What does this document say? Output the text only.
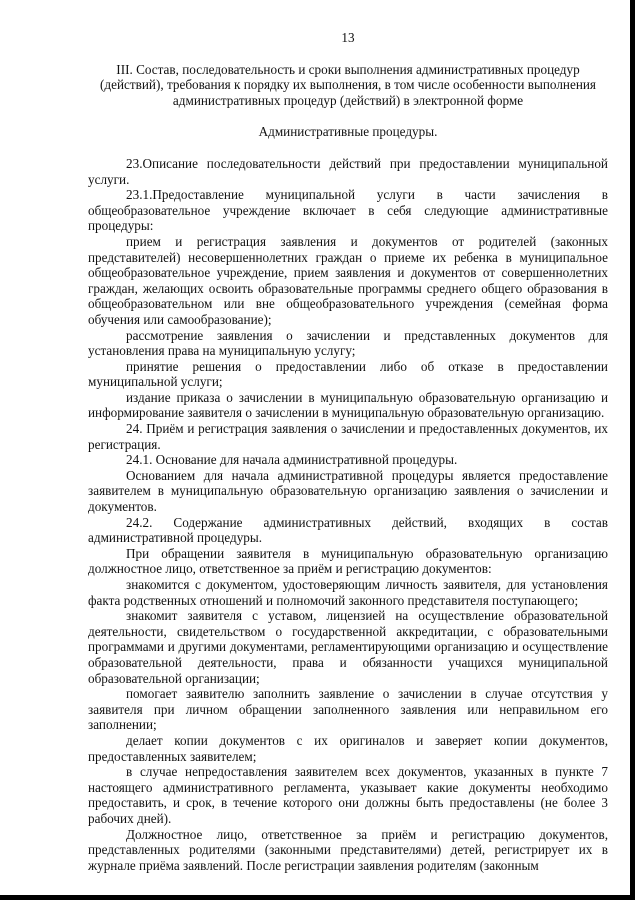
13
III. Состав, последовательность и сроки выполнения административных процедур (действий), требования к порядку их выполнения, в том числе особенности выполнения административных процедур (действий) в электронной форме
Административные процедуры.

23.Описание последовательности действий при предоставлении муниципальной услуги.

23.1.Предоставление муниципальной услуги в части зачисления в общеобразовательное учреждение включает в себя следующие административные процедуры:

прием и регистрация заявления и документов от родителей (законных представителей) несовершеннолетних граждан о приеме их ребенка в муниципальное общеобразовательное учреждение, прием заявления и документов от совершеннолетних граждан, желающих освоить образовательные программы среднего общего образования в общеобразовательном или вне общеобразовательного учреждения (семейная форма обучения или самообразование);

рассмотрение заявления о зачислении и представленных документов для установления права на муниципальную услугу;

принятие решения о предоставлении либо об отказе в предоставлении муниципальной услуги;

издание приказа о зачислении в муниципальную образовательную организацию и информирование заявителя о зачислении в муниципальную образовательную организацию.

24. Приём и регистрация заявления о зачислении и предоставленных документов, их регистрация.

24.1. Основание для начала административной процедуры.

Основанием для начала административной процедуры является предоставление заявителем в муниципальную образовательную организацию заявления о зачислении и документов.

24.2. Содержание административных действий, входящих в состав административной процедуры.

При обращении заявителя в муниципальную образовательную организацию должностное лицо, ответственное за приём и регистрацию документов:

знакомится с документом, удостоверяющим личность заявителя, для установления факта родственных отношений и полномочий законного представителя поступающего;

знакомит заявителя с уставом, лицензией на осуществление образовательной деятельности, свидетельством о государственной аккредитации, с образовательными программами и другими документами, регламентирующими организацию и осуществление образовательной деятельности, права и обязанности учащихся муниципальной образовательной организации;

помогает заявителю заполнить заявление о зачислении в случае отсутствия у заявителя при личном обращении заполненного заявления или неправильном его заполнении;

делает копии документов с их оригиналов и заверяет копии документов, предоставленных заявителем;

в случае непредоставления заявителем всех документов, указанных в пункте 7 настоящего административного регламента, указывает какие документы необходимо предоставить, и срок, в течение которого они должны быть предоставлены (не более 3 рабочих дней).

Должностное лицо, ответственное за приём и регистрацию документов, представленных родителями (законными представителями) детей, регистрирует их в журнале приёма заявлений. После регистрации заявления родителям (законным
